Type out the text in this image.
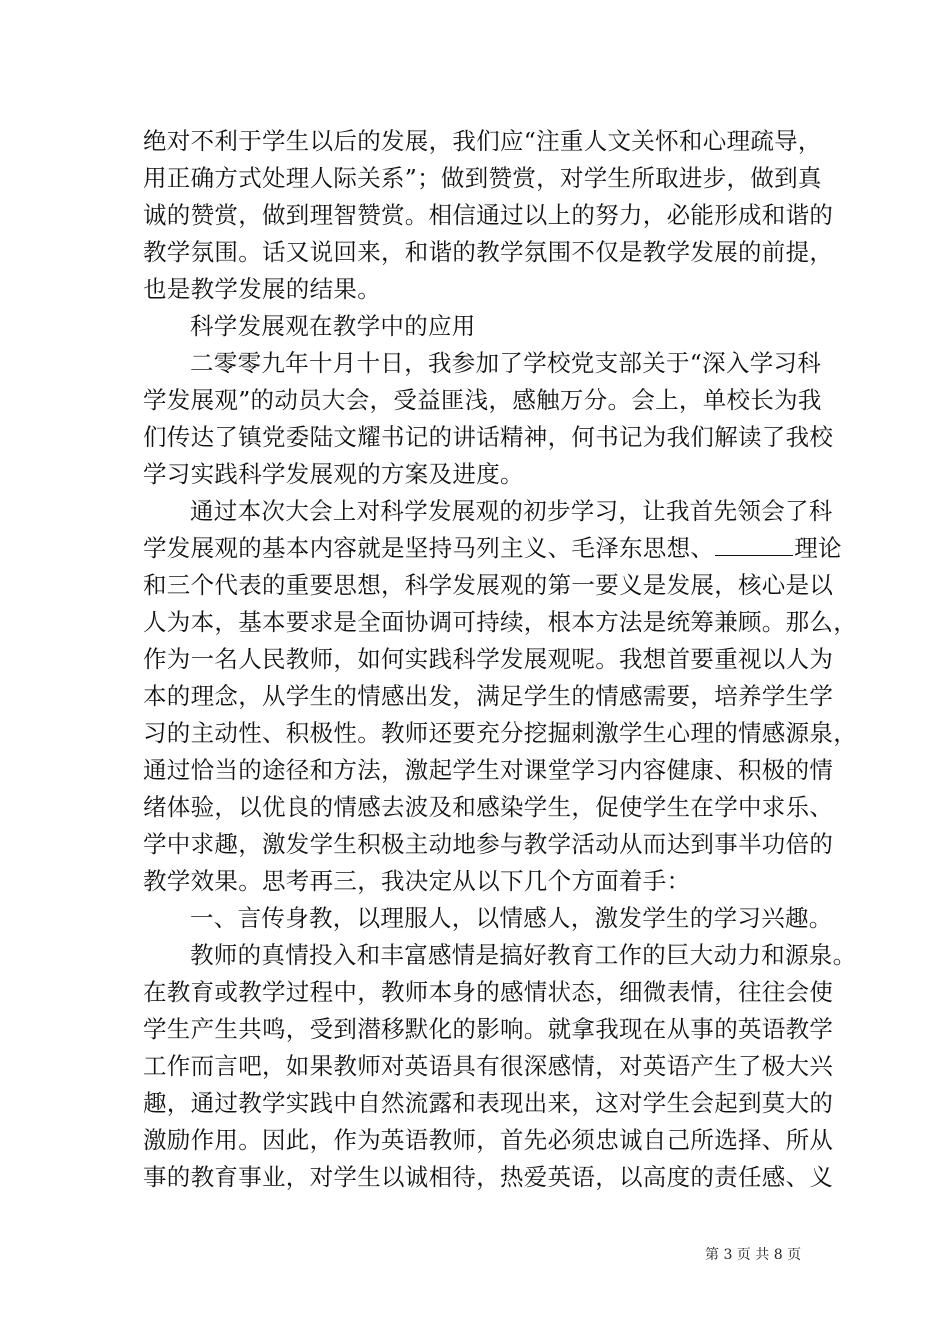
绝对不利于学生以后的发展，我们应“注重人文关怀和心理疏导，
用正确方式处理人际关系”；做到赞赏，对学生所取进步，做到真
诚的赞赏，做到理智赞赏。相信通过以上的努力，必能形成和谐的
教学氛围。话又说回来，和谐的教学氛围不仅是教学发展的前提，
也是教学发展的结果。
科学发展观在教学中的应用
二零零九年十月十日，我参加了学校党支部关于“深入学习科
学发展观”的动员大会，受益匪浅，感触万分。会上，单校长为我
们传达了镇党委陆文耀书记的讲话精神，何书记为我们解读了我校
学习实践科学发展观的方案及进度。
通过本次大会上对科学发展观的初步学习，让我首先领会了科
学发展观的基本内容就是坚持马列主义、毛泽东思想、	理论
和三个代表的重要思想，科学发展观的第一要义是发展，核心是以
人为本，基本要求是全面协调可持续，根本方法是统筹兼顾。那么，
作为一名人民教师，如何实践科学发展观呢。我想首要重视以人为
本的理念，从学生的情感出发，满足学生的情感需要，培养学生学
习的主动性、积极性。教师还要充分挖掘刺激学生心理的情感源泉，
通过恰当的途径和方法，激起学生对课堂学习内容健康、积极的情
绪体验，以优良的情感去波及和感染学生，促使学生在学中求乐、
学中求趣，激发学生积极主动地参与教学活动从而达到事半功倍的
教学效果。思考再三，我决定从以下几个方面着手：
一、言传身教，以理服人，以情感人，激发学生的学习兴趣。
教师的真情投入和丰富感情是搞好教育工作的巨大动力和源泉。
在教育或教学过程中，教师本身的感情状态，细微表情，往往会使
学生产生共鸣，受到潜移默化的影响。就拿我现在从事的英语教学
工作而言吧，如果教师对英语具有很深感情，对英语产生了极大兴
趣，通过教学实践中自然流露和表现出来，这对学生会起到莫大的
激励作用。因此，作为英语教师，首先必须忠诚自己所选择、所从
事的教育事业，对学生以诚相待，热爱英语，以高度的责任感、义
第 3 页 共 8 页
